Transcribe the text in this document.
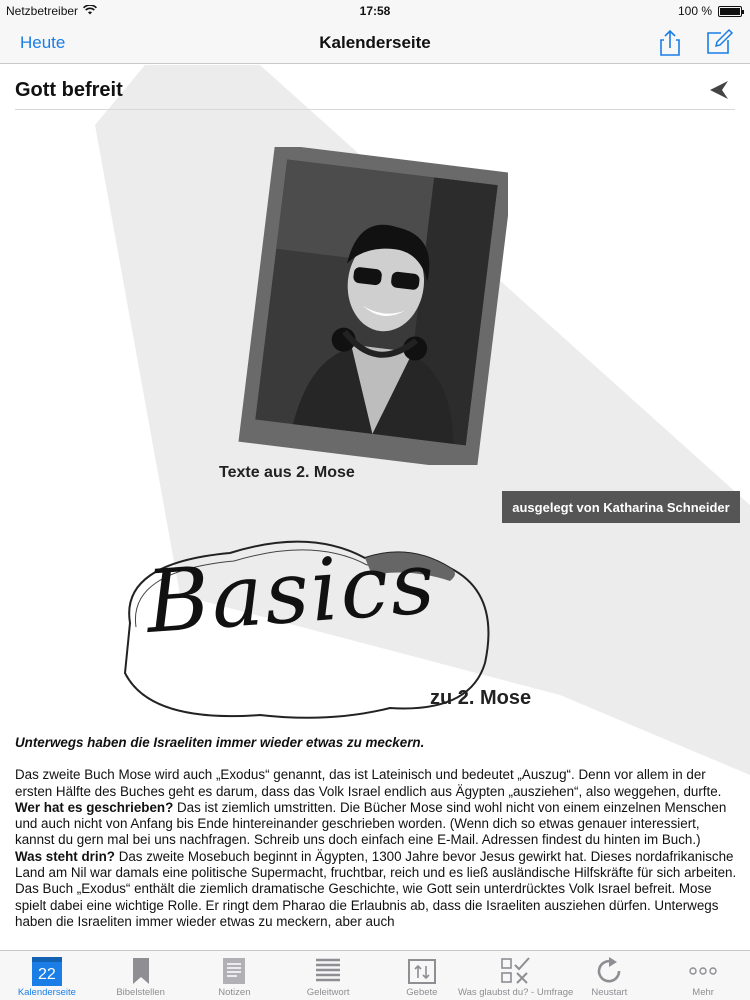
Netzbetreiber	17:58	100 %
Heute	Kalenderseite
Gott befreit
Texte aus 2. Mose
ausgelegt von Katharina Schneider
Basics
zu 2. Mose
Unterwegs haben die Israeliten immer wieder etwas zu meckern.
Das zweite Buch Mose wird auch „Exodus“ genannt, das ist Lateinisch und bedeutet „Auszug“. Denn vor allem in der ersten Hälfte des Buches geht es darum, dass das Volk Israel endlich aus Ägypten „ausziehen“, also weggehen, durfte.
Wer hat es geschrieben? Das ist ziemlich umstritten. Die Bücher Mose sind wohl nicht von einem einzelnen Menschen und auch nicht von Anfang bis Ende hintereinander geschrieben worden. (Wenn dich so etwas genauer interessiert, kannst du gern mal bei uns nachfragen. Schreib uns doch einfach eine E-Mail. Adressen findest du hinten im Buch.)
Was steht drin? Das zweite Mosebuch beginnt in Ägypten, 1300 Jahre bevor Jesus gewirkt hat. Dieses nordafrikanische Land am Nil war damals eine politische Supermacht, fruchtbar, reich und es ließ ausländische Hilfskräfte für sich arbeiten. Das Buch „Exodus“ enthält die ziemlich dramatische Geschichte, wie Gott sein unterdrücktes Volk Israel befreit. Mose spielt dabei eine wichtige Rolle. Er ringt dem Pharao die Erlaubnis ab, dass die Israeliten ausziehen dürfen. Unterwegs haben die Israeliten immer wieder etwas zu meckern, aber auch
22
Kalenderseite	Bibelstellen	Notizen	Geleitwort	Gebete Was glaubst du? - Umfrage Neustart	Mehr
